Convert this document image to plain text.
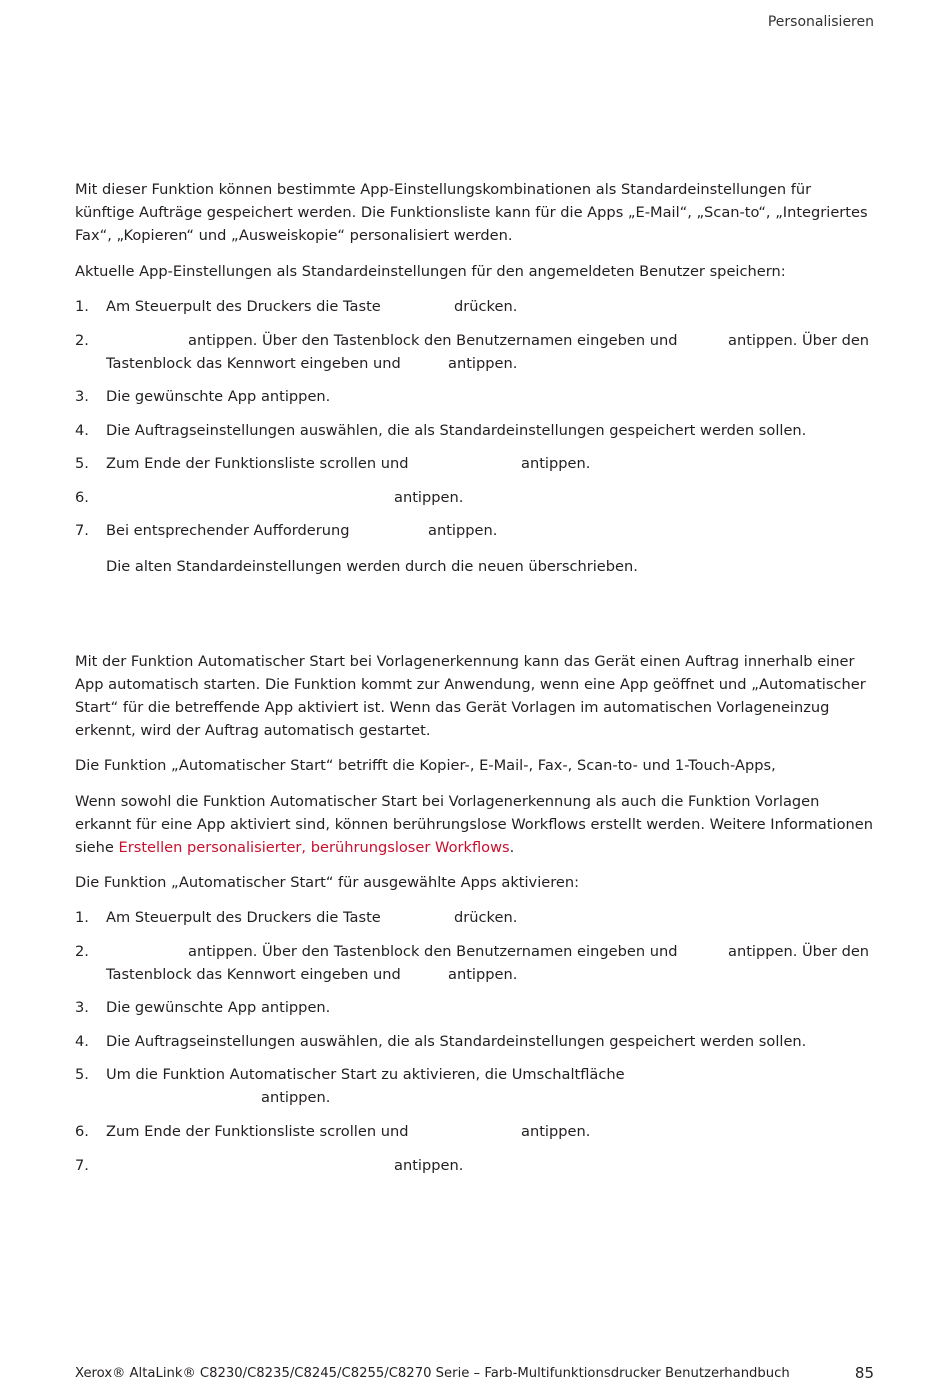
Personalisieren

Mit dieser Funktion können bestimmte App-Einstellungskombinationen als Standardeinstellungen für künftige Aufträge gespeichert werden. Die Funktionsliste kann für die Apps „E-Mail“, „Scan-to“, „Integriertes Fax“, „Kopieren“ und „Ausweiskopie“ personalisiert werden.

Aktuelle App-Einstellungen als Standardeinstellungen für den angemeldeten Benutzer speichern:

1. Am Steuerpult des Druckers die Taste	drücken.
2.	antippen. Über den Tastenblock den Benutzernamen eingeben und	antippen. Über den
Tastenblock das Kennwort eingeben und	antippen.
3. Die gewünschte App antippen.
4. Die Auftragseinstellungen auswählen, die als Standardeinstellungen gespeichert werden sollen.
5. Zum Ende der Funktionsliste scrollen und	antippen.
6.	antippen.
7. Bei entsprechender Aufforderung	antippen.

Die alten Standardeinstellungen werden durch die neuen überschrieben.

Mit der Funktion Automatischer Start bei Vorlagenerkennung kann das Gerät einen Auftrag innerhalb einer App automatisch starten. Die Funktion kommt zur Anwendung, wenn eine App geöffnet und „Automatischer Start“ für die betreffende App aktiviert ist. Wenn das Gerät Vorlagen im automatischen Vorlageneinzug erkennt, wird der Auftrag automatisch gestartet.

Die Funktion „Automatischer Start“ betrifft die Kopier-, E-Mail-, Fax-, Scan-to- und 1-Touch-Apps,

Wenn sowohl die Funktion Automatischer Start bei Vorlagenerkennung als auch die Funktion Vorlagen erkannt für eine App aktiviert sind, können berührungslose Workflows erstellt werden. Weitere Informationen siehe Erstellen personalisierter, berührungsloser Workflows.

Die Funktion „Automatischer Start“ für ausgewählte Apps aktivieren:

1. Am Steuerpult des Druckers die Taste	drücken.
2.	antippen. Über den Tastenblock den Benutzernamen eingeben und	antippen. Über den
Tastenblock das Kennwort eingeben und	antippen.
3. Die gewünschte App antippen.
4. Die Auftragseinstellungen auswählen, die als Standardeinstellungen gespeichert werden sollen.
5. Um die Funktion Automatischer Start zu aktivieren, die Umschaltfläche
antippen.
6. Zum Ende der Funktionsliste scrollen und	antippen.
7.	antippen.
Xerox® AltaLink® C8230/C8235/C8245/C8255/C8270 Serie – Farb-Multifunktionsdrucker Benutzerhandbuch	85
